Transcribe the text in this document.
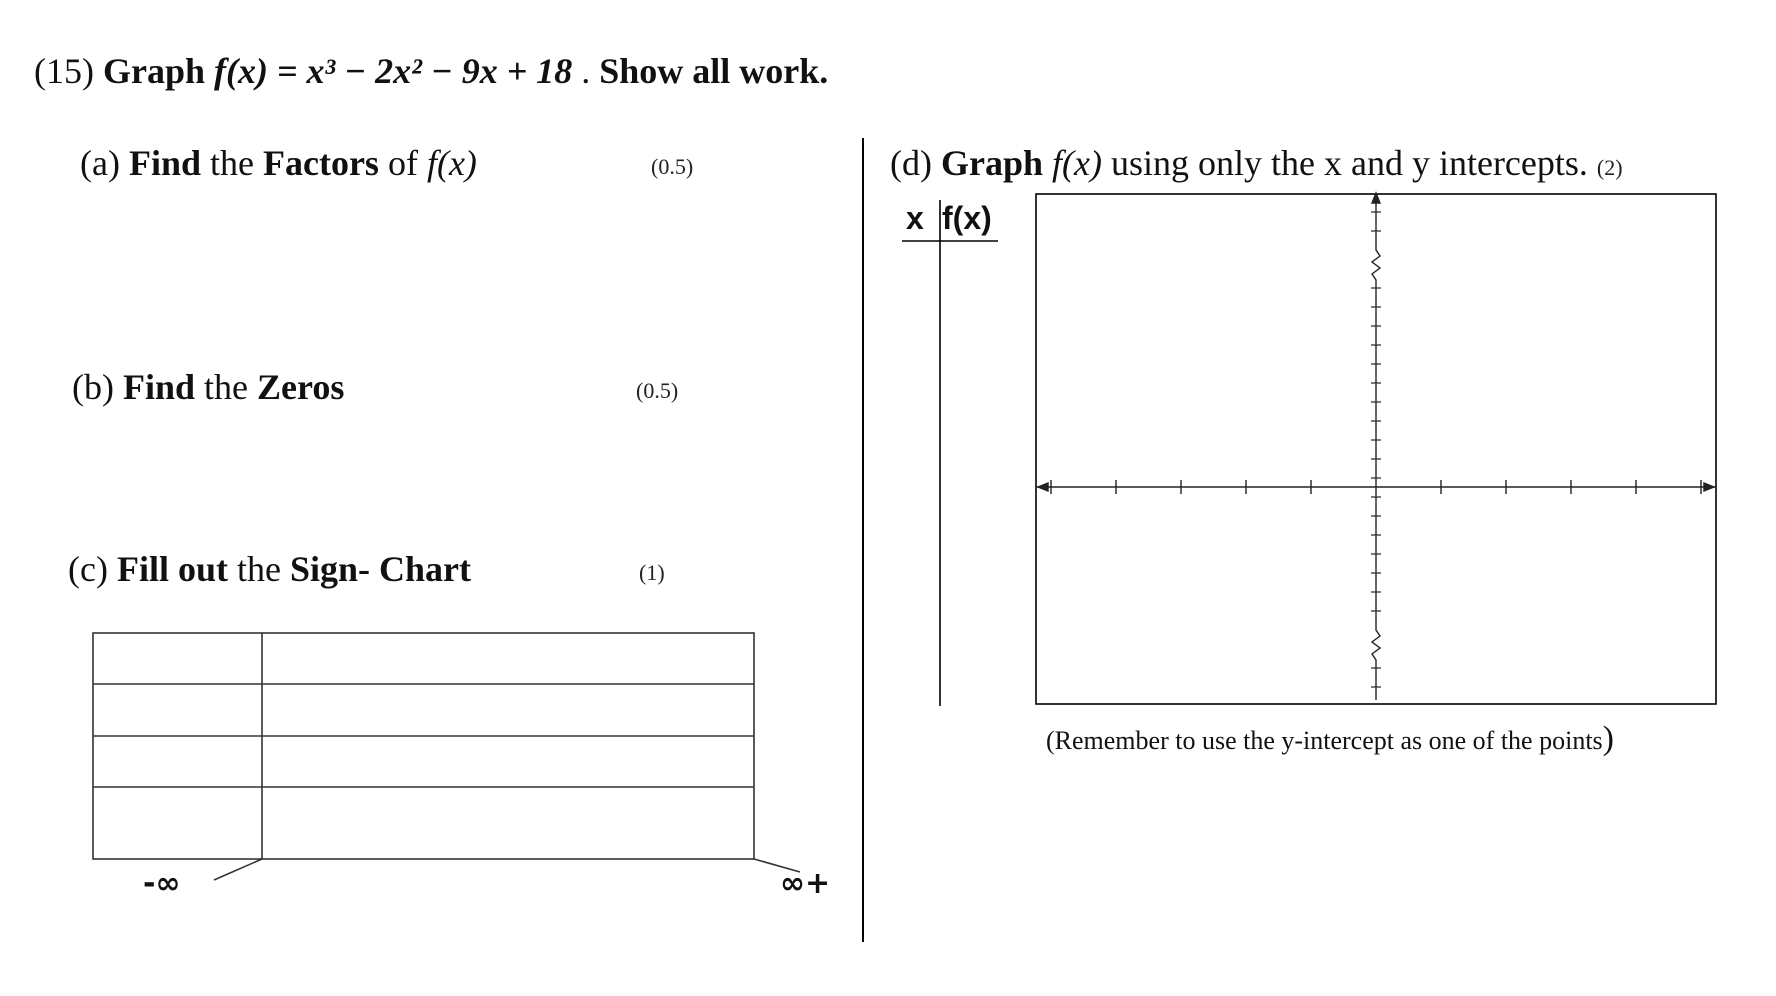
(15) Graph f(x) = x³ − 2x² − 9x + 18 . Show all work.
(a) Find the Factors of f(x)	(0.5)
(b) Find the Zeros	(0.5)
(c) Fill out the Sign- Chart	(1)
-∞	∞+
(d) Graph f(x) using only the x and y intercepts. (2)
x f(x)
(Remember to use the y-intercept as one of the points)
